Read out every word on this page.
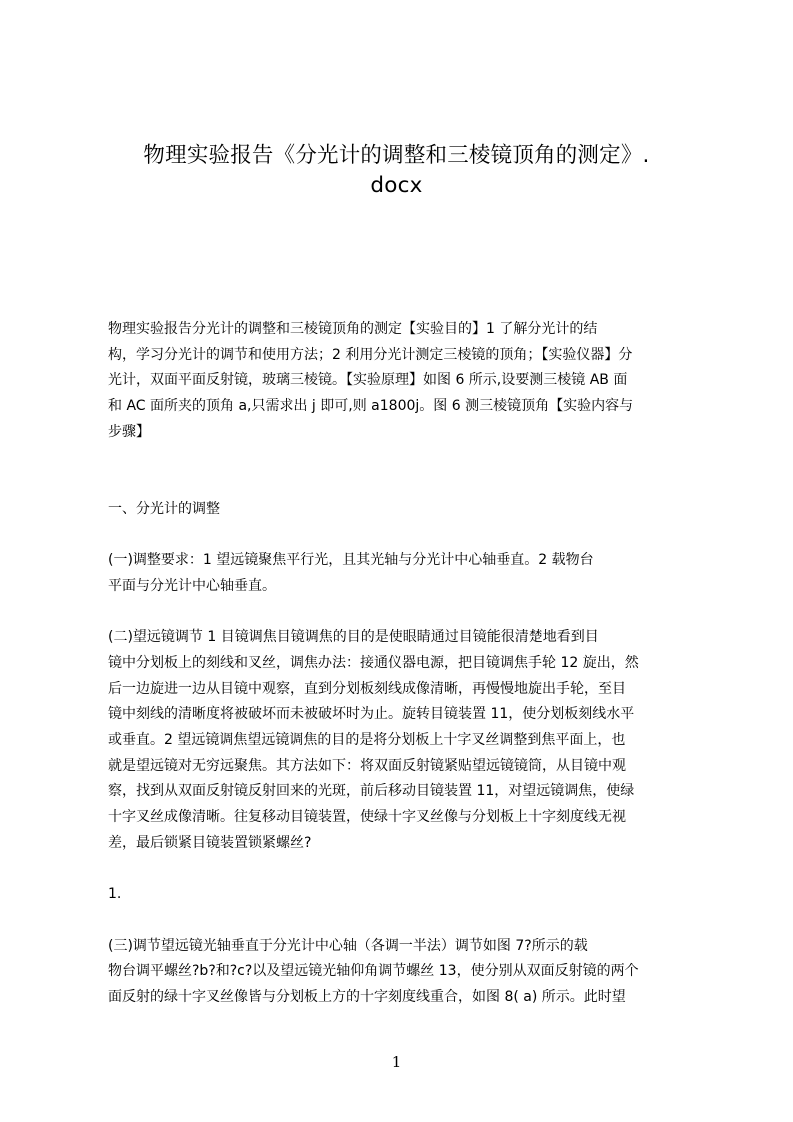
物理实验报告《分光计的调整和三棱镜顶角的测定》.
docx
物理实验报告分光计的调整和三棱镜顶角的测定【实验目的】1 了解分光计的结
构，学习分光计的调节和使用方法；2 利用分光计测定三棱镜的顶角；【实验仪器】分
光计，双面平面反射镜，玻璃三棱镜。【实验原理】如图 6 所示,设要测三棱镜 AB 面
和 AC 面所夹的顶角 a,只需求出 j 即可,则 a1800j。图 6 测三棱镜顶角【实验内容与
步骤】
一、分光计的调整
(一)调整要求：1 望远镜聚焦平行光，且其光轴与分光计中心轴垂直。2 载物台
平面与分光计中心轴垂直。
(二)望远镜调节 1 目镜调焦目镜调焦的目的是使眼睛通过目镜能很清楚地看到目
镜中分划板上的刻线和叉丝，调焦办法：接通仪器电源，把目镜调焦手轮 12 旋出，然
后一边旋进一边从目镜中观察，直到分划板刻线成像清晰，再慢慢地旋出手轮，至目
镜中刻线的清晰度将被破坏而未被破坏时为止。旋转目镜装置 11，使分划板刻线水平
或垂直。2 望远镜调焦望远镜调焦的目的是将分划板上十字叉丝调整到焦平面上，也
就是望远镜对无穷远聚焦。其方法如下：将双面反射镜紧贴望远镜镜筒，从目镜中观
察，找到从双面反射镜反射回来的光斑，前后移动目镜装置 11，对望远镜调焦，使绿
十字叉丝成像清晰。往复移动目镜装置，使绿十字叉丝像与分划板上十字刻度线无视
差，最后锁紧目镜装置锁紧螺丝?
1.
(三)调节望远镜光轴垂直于分光计中心轴（各调一半法）调节如图 7?所示的载
物台调平螺丝?b?和?c?以及望远镜光轴仰角调节螺丝 13，使分别从双面反射镜的两个
面反射的绿十字叉丝像皆与分划板上方的十字刻度线重合，如图 8( a) 所示。此时望
1
